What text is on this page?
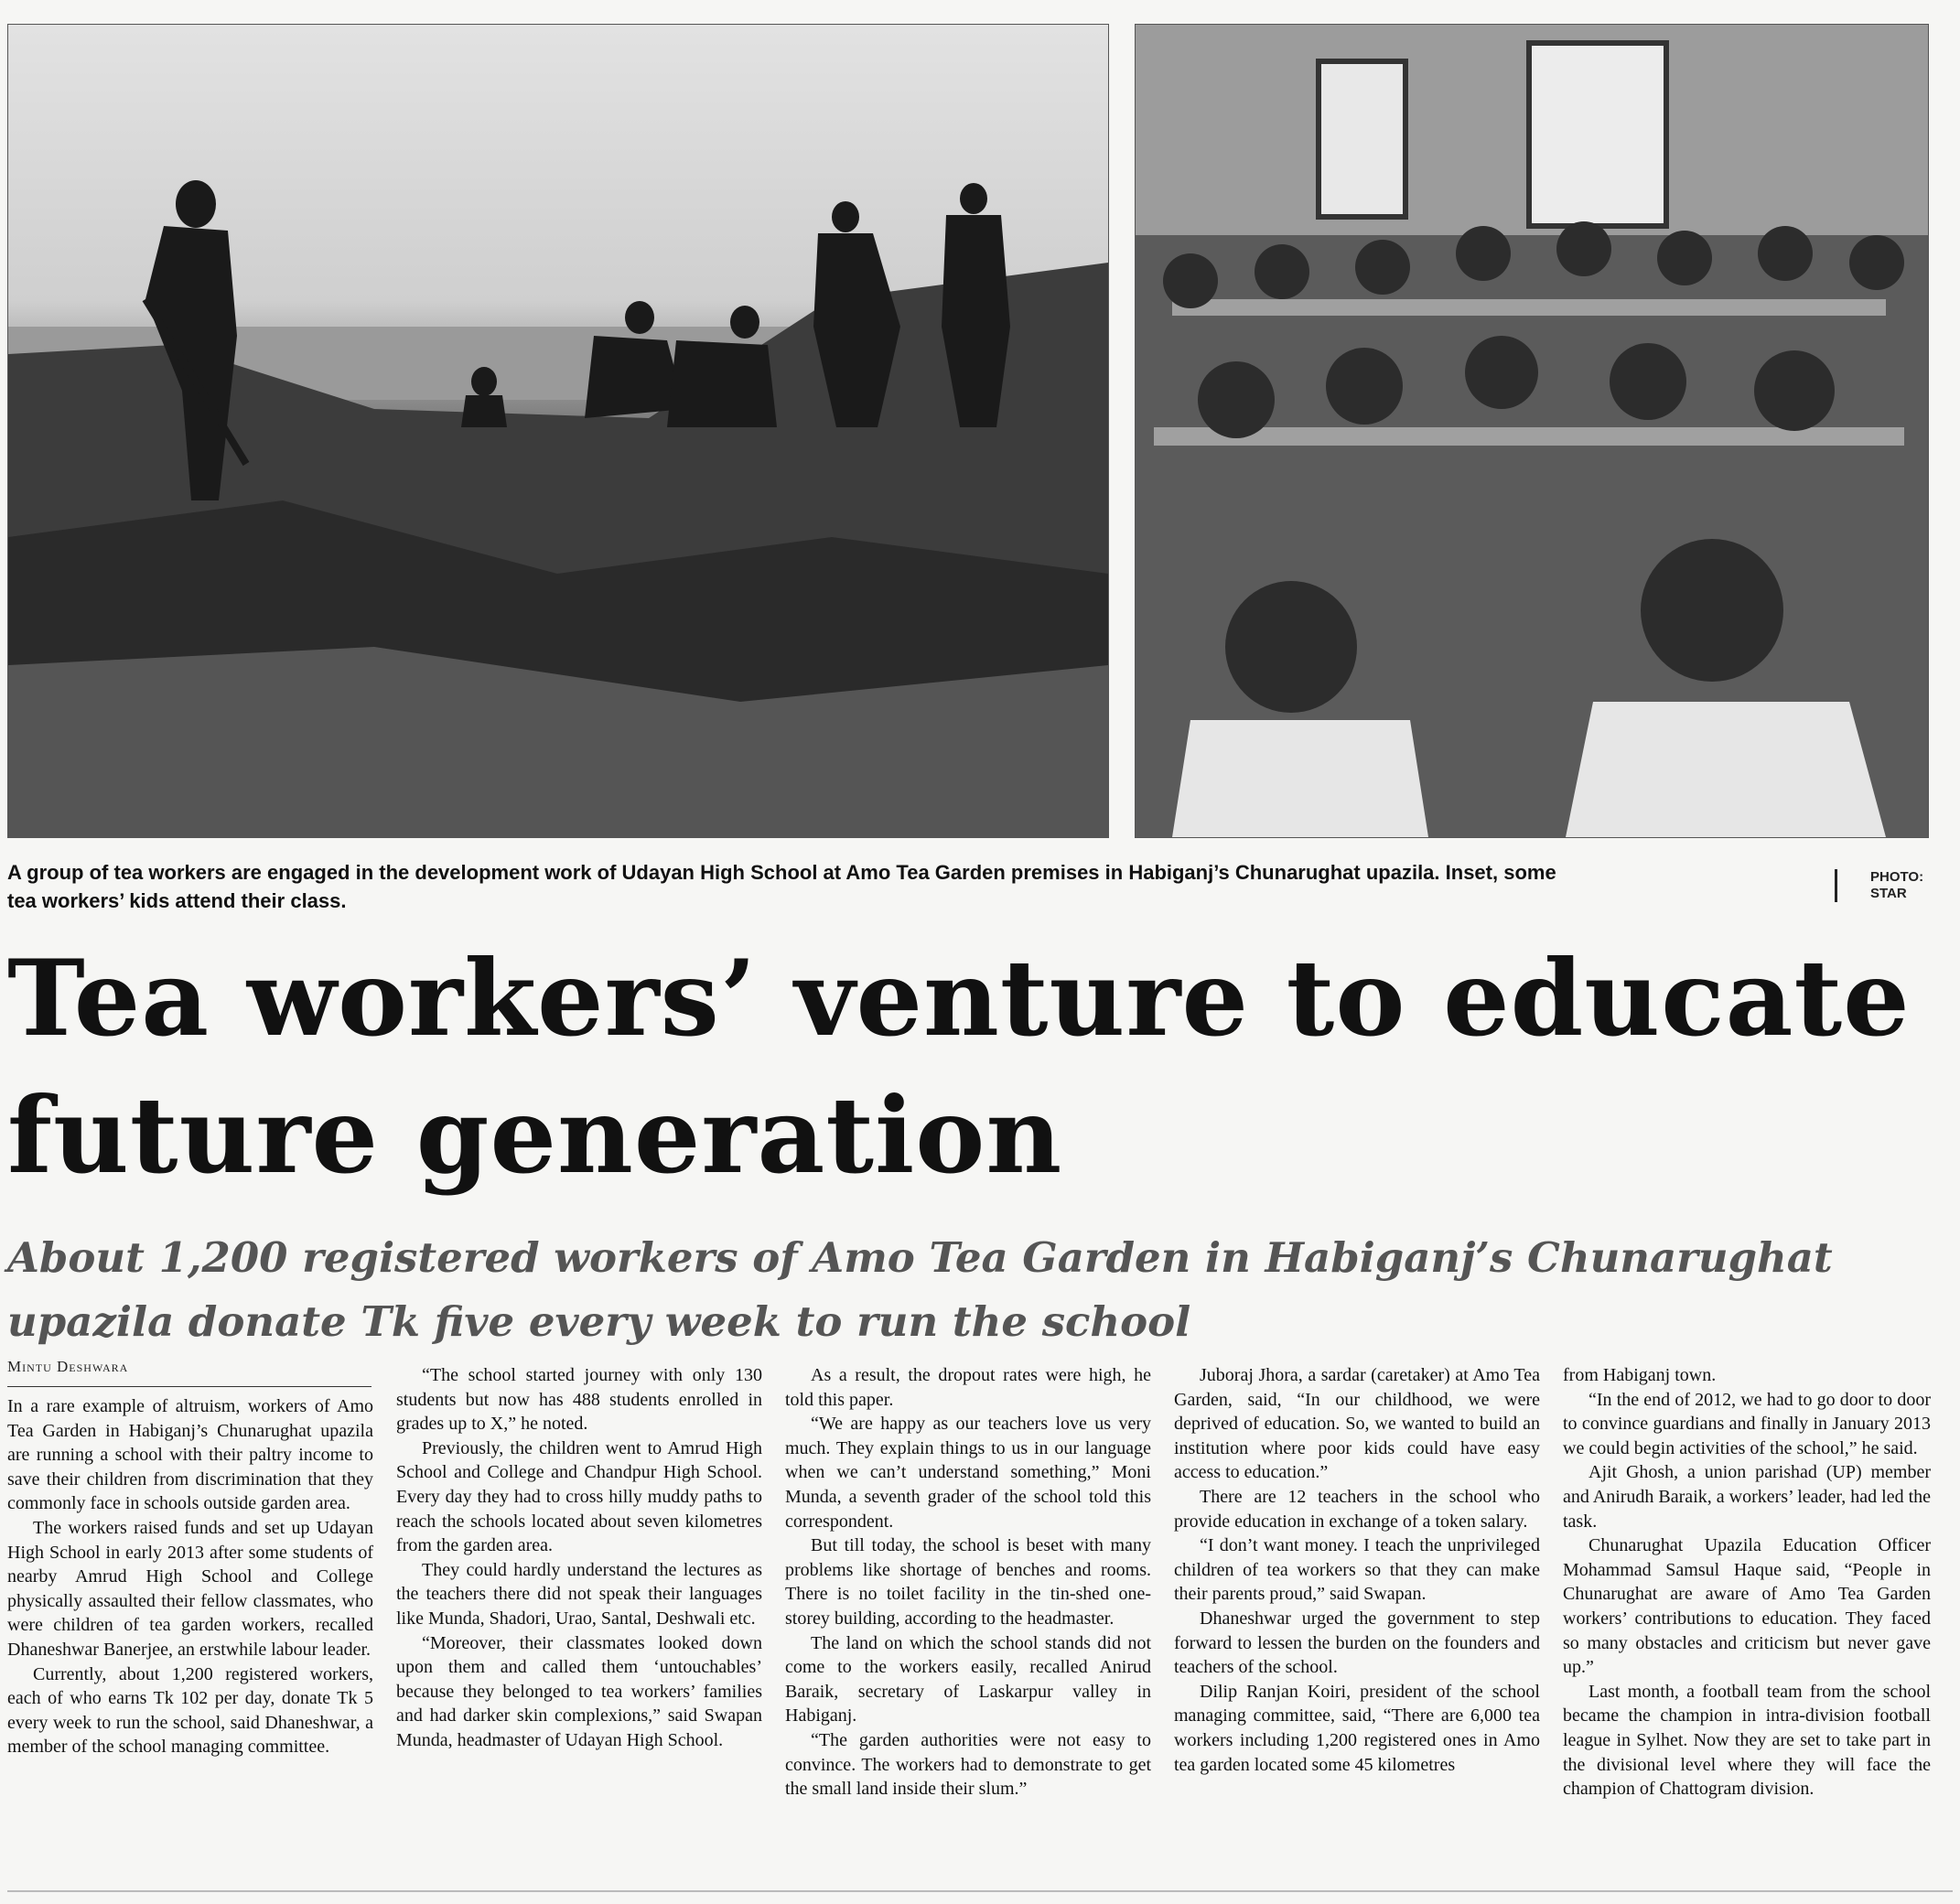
A group of tea workers are engaged in the development work of Udayan High School at Amo Tea Garden premises in Habiganj’s Chunarughat upazila. Inset, some tea workers’ kids attend their class.
PHOTO:
STAR
Tea workers’ venture to educate future generation
About 1,200 registered workers of Amo Tea Garden in Habiganj’s Chunarughat upazila donate Tk five every week to run the school
Mintu Deshwara

In a rare example of altruism, workers of Amo Tea Garden in Habiganj’s Chunarughat upazila are running a school with their paltry income to save their children from discrimination that they commonly face in schools outside garden area.

The workers raised funds and set up Udayan High School in early 2013 after some students of nearby Amrud High School and College physically assaulted their fellow classmates, who were children of tea garden workers, recalled Dhaneshwar Banerjee, an erstwhile labour leader.

Currently, about 1,200 registered workers, each of who earns Tk 102 per day, donate Tk 5 every week to run the school, said Dhaneshwar, a member of the school managing committee.

“The school started journey with only 130 students but now has 488 students enrolled in grades up to X,” he noted.

Previously, the children went to Amrud High School and College and Chandpur High School. Every day they had to cross hilly muddy paths to reach the schools located about seven kilometres from the garden area.

They could hardly understand the lectures as the teachers there did not speak their languages like Munda, Shadori, Urao, Santal, Deshwali etc.

“Moreover, their classmates looked down upon them and called them ‘untouchables’ because they belonged to tea workers’ families and had darker skin complexions,” said Swapan Munda, headmaster of Udayan High School.

As a result, the dropout rates were high, he told this paper.

“We are happy as our teachers love us very much. They explain things to us in our language when we can’t understand something,” Moni Munda, a seventh grader of the school told this correspondent.

But till today, the school is beset with many problems like shortage of benches and rooms. There is no toilet facility in the tin-shed one-storey building, according to the headmaster.

The land on which the school stands did not come to the workers easily, recalled Anirud Baraik, secretary of Laskarpur valley in Habiganj.

“The garden authorities were not easy to convince. The workers had to demonstrate to get the small land inside their slum.”

Juboraj Jhora, a sardar (caretaker) at Amo Tea Garden, said, “In our childhood, we were deprived of education. So, we wanted to build an institution where poor kids could have easy access to education.”

There are 12 teachers in the school who provide education in exchange of a token salary.

“I don’t want money. I teach the unprivileged children of tea workers so that they can make their parents proud,” said Swapan.

Dhaneshwar urged the government to step forward to lessen the burden on the founders and teachers of the school.

Dilip Ranjan Koiri, president of the school managing committee, said, “There are 6,000 tea workers including 1,200 registered ones in Amo tea garden located some 45 kilometres

from Habiganj town.

“In the end of 2012, we had to go door to door to convince guardians and finally in January 2013 we could begin activities of the school,” he said.

Ajit Ghosh, a union parishad (UP) member and Anirudh Baraik, a workers’ leader, had led the task.

Chunarughat Upazila Education Officer Mohammad Samsul Haque said, “People in Chunarughat are aware of Amo Tea Garden workers’ contributions to education. They faced so many obstacles and criticism but never gave up.”

Last month, a football team from the school became the champion in intra-division football league in Sylhet. Now they are set to take part in the divisional level where they will face the champion of Chattogram division.
